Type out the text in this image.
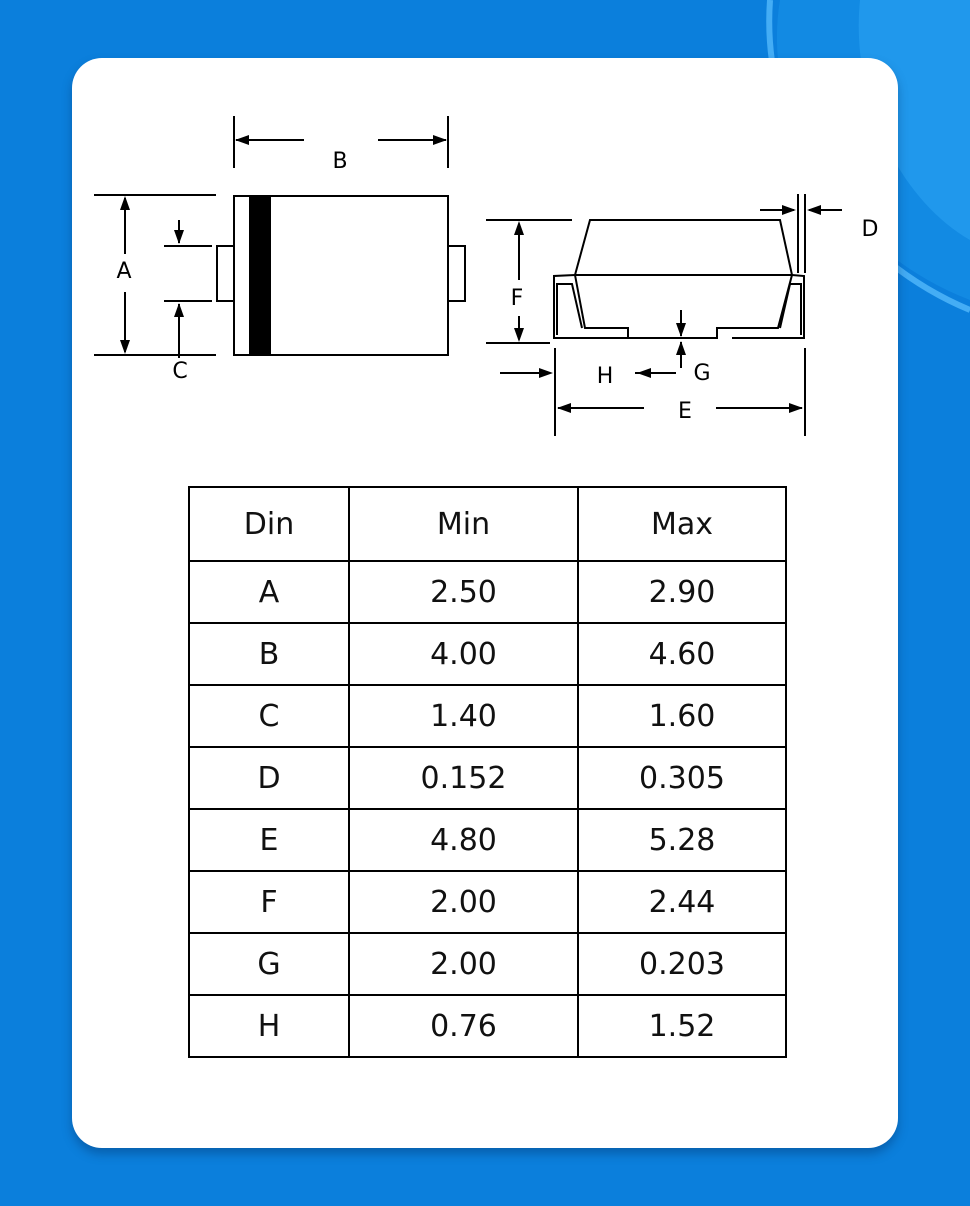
B
A
C
F
D
G
H
E
Din	Min	Max
A	2.50	2.90
B	4.00	4.60
C	1.40	1.60
D	0.152	0.305
E	4.80	5.28
F	2.00	2.44
G	2.00	0.203
H	0.76	1.52
